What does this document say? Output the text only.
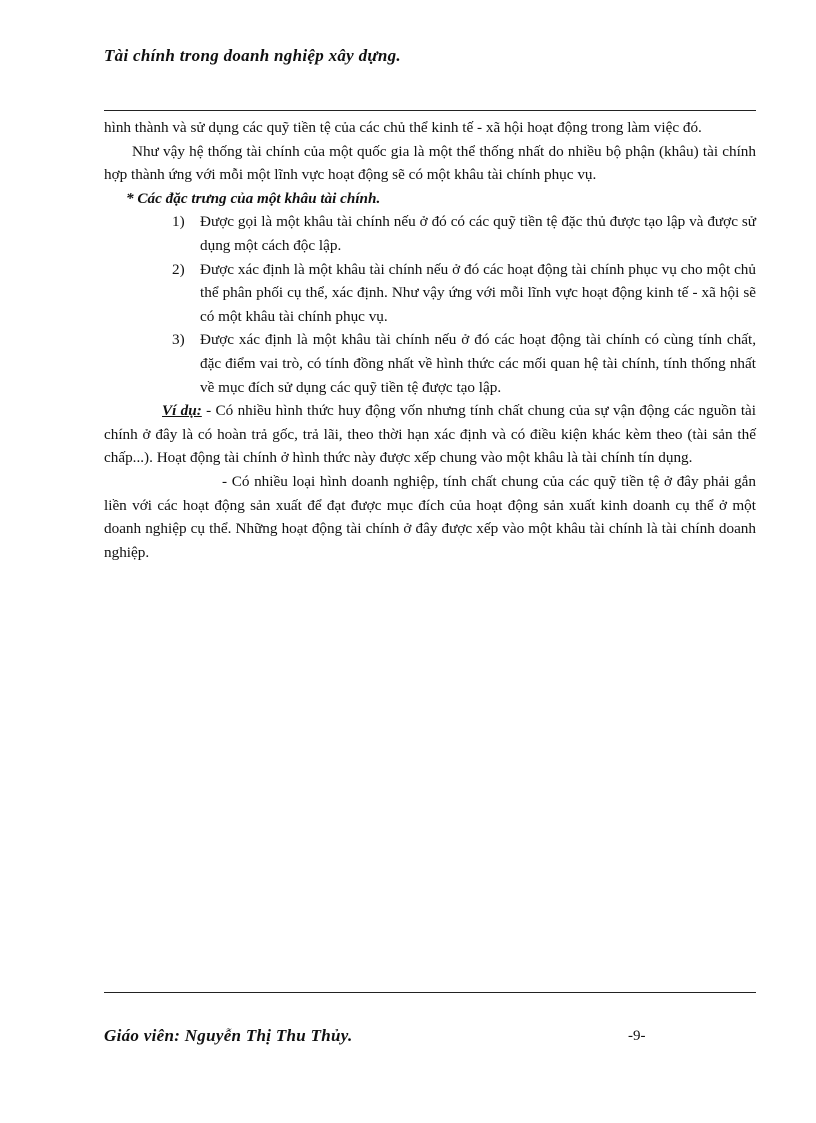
Tài chính trong doanh nghiệp xây dựng.

hình thành và sử dụng các quỹ tiền tệ của các chủ thể kinh tế - xã hội hoạt động trong làm việc đó.

Như vậy hệ thống tài chính của một quốc gia là một thể thống nhất do nhiều bộ phận (khâu) tài chính hợp thành ứng với mỗi một lĩnh vực hoạt động sẽ có một khâu tài chính phục vụ.

* Các đặc trưng của một khâu tài chính.

1) Được gọi là một khâu tài chính nếu ở đó có các quỹ tiền tệ đặc thủ được tạo lập và được sử dụng một cách độc lập.
2) Được xác định là một khâu tài chính nếu ở đó các hoạt động tài chính phục vụ cho một chủ thể phân phối cụ thể, xác định. Như vậy ứng với mỗi lĩnh vực hoạt động kinh tế - xã hội sẽ có một khâu tài chính phục vụ.
3) Được xác định là một khâu tài chính nếu ở đó các hoạt động tài chính có cùng tính chất, đặc điểm vai trò, có tính đồng nhất về hình thức các mối quan hệ tài chính, tính thống nhất về mục đích sử dụng các quỹ tiền tệ được tạo lập.

Ví dụ: - Có nhiều hình thức huy động vốn nhưng tính chất chung của sự vận động các nguồn tài chính ở đây là có hoàn trả gốc, trả lãi, theo thời hạn xác định và có điều kiện khác kèm theo (tài sản thế chấp...). Hoạt động tài chính ở hình thức này được xếp chung vào một khâu là tài chính tín dụng.

- Có nhiều loại hình doanh nghiệp, tính chất chung của các quỹ tiền tệ ở đây phải gắn liền với các hoạt động sản xuất để đạt được mục đích của hoạt động sản xuất kinh doanh cụ thể ở một doanh nghiệp cụ thể. Những hoạt động tài chính ở đây được xếp vào một khâu tài chính là tài chính doanh nghiệp.

Giáo viên: Nguyễn Thị Thu Thủy.	-9-
